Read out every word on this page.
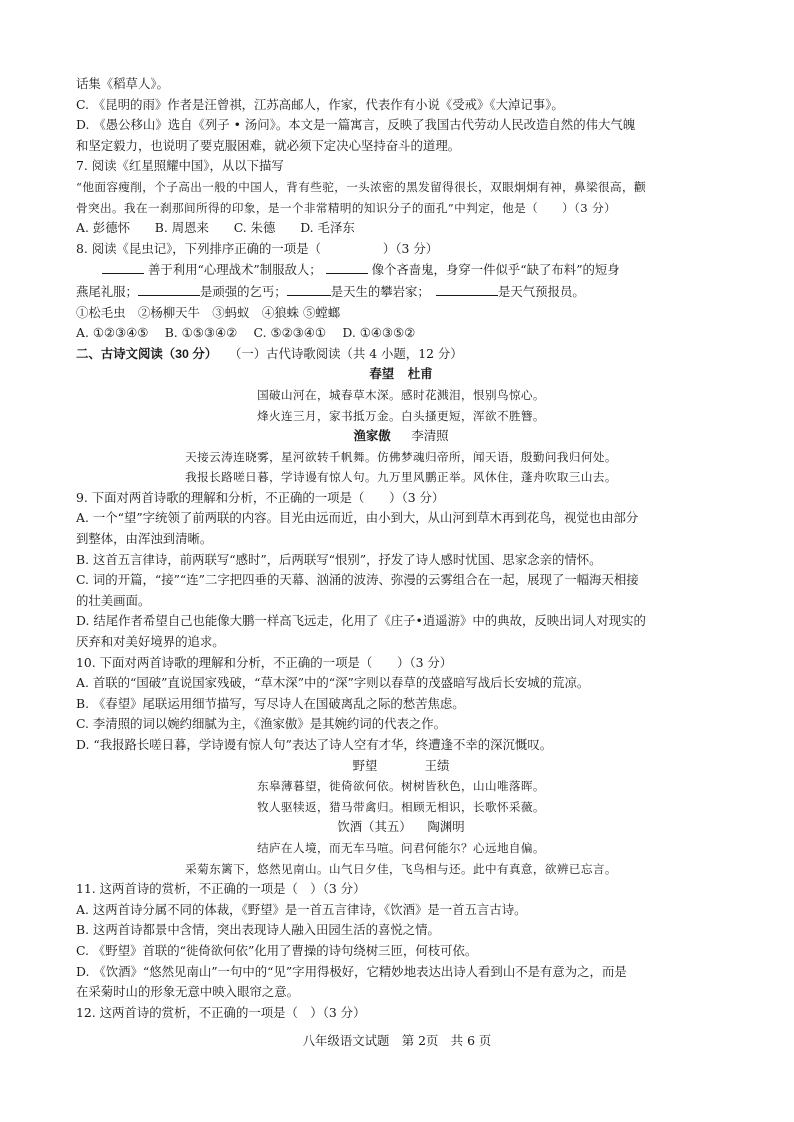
话集《稻草人》。
C. 《昆明的雨》作者是汪曾祺，江苏高邮人，作家，代表作有小说《受戒》《大淖记事》。
D. 《愚公移山》选自《列子 • 汤问》。本文是一篇寓言，反映了我国古代劳动人民改造自然的伟大气魄
和坚定毅力，也说明了要克服困难，就必须下定决心坚持奋斗的道理。
7. 阅读《红星照耀中国》，从以下描写
“他面容瘦削，个子高出一般的中国人，背有些驼，一头浓密的黑发留得很长，双眼炯炯有神，鼻梁很高，颧
骨突出。我在一刹那间所得的印象，是一个非常精明的知识分子的面孔”中判定，他是（　　）（3 分）
A. 彭德怀　　B. 周恩来　　C. 朱德　　D. 毛泽东
8. 阅读《昆虫记》，下列排序正确的一项是（　　　　　）（3 分）
善于利用“心理战术”制服敌人；	像个吝啬鬼，身穿一件似乎“缺了布料”的短身
燕尾礼服；	是顽强的乞丐；	是天生的攀岩家；　	是天气预报员。
①松毛虫　②杨柳天牛　③蚂蚁　④狼蛛 ⑤螳螂
A. ①②③④⑤　 B. ①⑤③④②　 C. ⑤②③④①　 D. ①④③⑤②
二、古诗文阅读（30 分） （一）古代诗歌阅读（共 4 小题，12 分）
春望 杜甫
国破山河在，城春草木深。感时花溅泪，恨别鸟惊心。
烽火连三月，家书抵万金。白头搔更短，浑欲不胜簪。
渔家傲 李清照
天接云涛连晓雾，星河欲转千帆舞。仿佛梦魂归帝所，闻天语，殷勤问我归何处。
我报长路嗟日暮，学诗谩有惊人句。九万里风鹏正举。风休住，蓬舟吹取三山去。
9. 下面对两首诗歌的理解和分析，不正确的一项是（　　）（3 分）
A. 一个“望”字统领了前两联的内容。目光由远而近，由小到大，从山河到草木再到花鸟，视觉也由部分
到整体，由浑浊到清晰。
B. 这首五言律诗，前两联写“感时”，后两联写“恨别”，抒发了诗人感时忧国、思家念亲的情怀。
C. 词的开篇，“接”“连”二字把四垂的天幕、汹涌的波涛、弥漫的云雾组合在一起，展现了一幅海天相接
的壮美画面。
D. 结尾作者希望自己也能像大鹏一样高飞远走，化用了《庄子•逍遥游》中的典故，反映出词人对现实的
厌弃和对美好境界的追求。
10. 下面对两首诗歌的理解和分析，不正确的一项是（　　）（3 分）
A. 首联的“国破”直说国家残破，“草木深”中的“深”字则以春草的茂盛暗写战后长安城的荒凉。
B. 《春望》尾联运用细节描写，写尽诗人在国破离乱之际的愁苦焦虑。
C. 李清照的词以婉约细腻为主，《渔家傲》是其婉约词的代表之作。
D. “我报路长嗟日暮，学诗谩有惊人句”表达了诗人空有才华，终遭逢不幸的深沉慨叹。
野望	王绩
东皋薄暮望，徙倚欲何依。树树皆秋色，山山唯落晖。
牧人驱犊返，猎马带禽归。相顾无相识，长歌怀采薇。
饮酒（其五） 陶渊明
结庐在人境，而无车马喧。问君何能尔？心远地自偏。
采菊东篱下，悠然见南山。山气日夕佳，飞鸟相与还。此中有真意，欲辨已忘言。
11. 这两首诗的赏析，不正确的一项是（　）（3 分）
A. 这两首诗分属不同的体裁，《野望》是一首五言律诗，《饮酒》是一首五言古诗。
B. 这两首诗都景中含情，突出表现诗人融入田园生活的喜悦之情。
C. 《野望》首联的“徙倚欲何依”化用了曹操的诗句绕树三匝，何枝可依。
D. 《饮酒》“悠然见南山”一句中的“见”字用得极好，它精妙地表达出诗人看到山不是有意为之，而是
在采菊时山的形象无意中映入眼帘之意。
12. 这两首诗的赏析，不正确的一项是（　）（3 分）
八年级语文试题　第 2页　共 6 页
